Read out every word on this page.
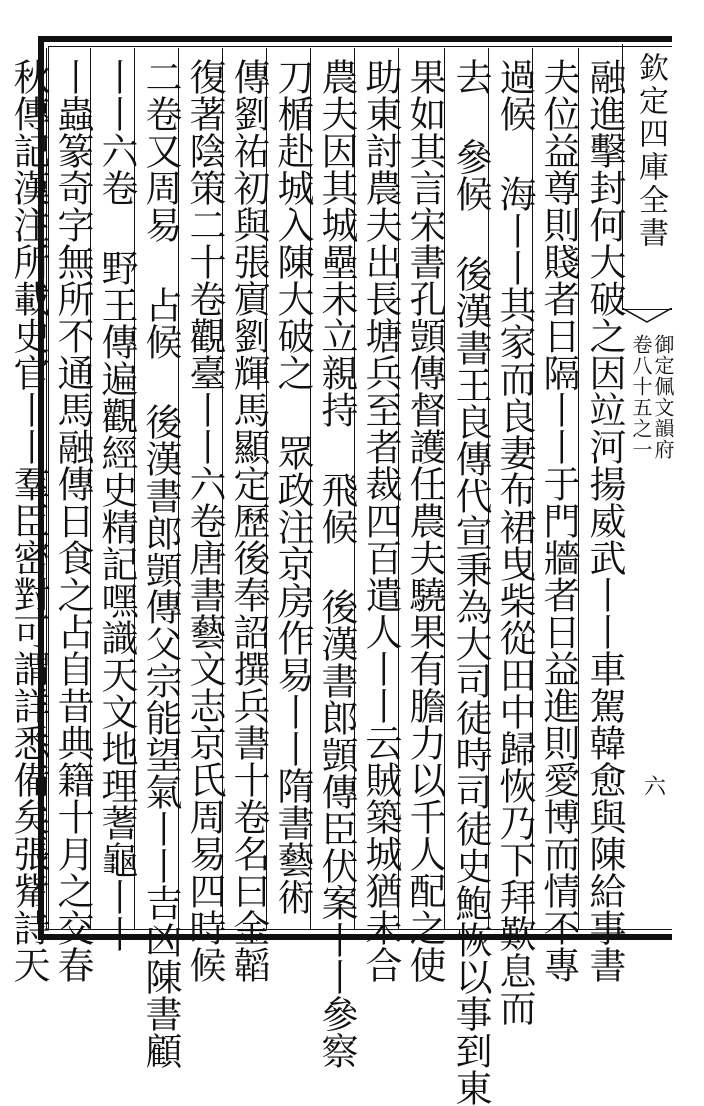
欽定四庫全書
御定佩文韻府
卷八十五之一
六
融進擊封何大破之因竝河揚威武丨丨車駕韓愈與陳給事書
夫位益尊則賤者日隔丨丨于門牆者日益進則愛博而情不專
過候 海丨丨其家而良妻布裙曳柴從田中歸恢乃下拜歎息而
去 參候 後漢書王良傳代宣秉為大司徒時司徒史鮑恢以事到東
果如其言宋書孔顗傳督護任農夫驍果有膽力以千人配之使
助東討農夫出長塘兵至者裁四百遣人丨丨云賊築城猶未合
農夫因其城壘未立親持 飛候 後漢書郎顗傳臣伏案丨丨參察
刀楯赴城入陳大破之 眾政注京房作易丨丨隋書藝術
傳劉祐初與張賔劉輝馬顯定歷後奉詔撰兵書十卷名曰金韜
復著陰策二十卷觀臺丨丨六卷唐書藝文志京氏周易四時候
二卷又周易 占候 後漢書郎顗傳父宗能望氣丨丨吉凶陳書顧
丨丨六卷 野王傳遍觀經史精記嘿識天文地理蓍龜丨丨
丨蟲篆奇字無所不通馬融傳日食之占自昔典籍十月之交春
秋傳記漢注所載史官丨丨羣臣密對可謂詳悉備矣張觜詩天
